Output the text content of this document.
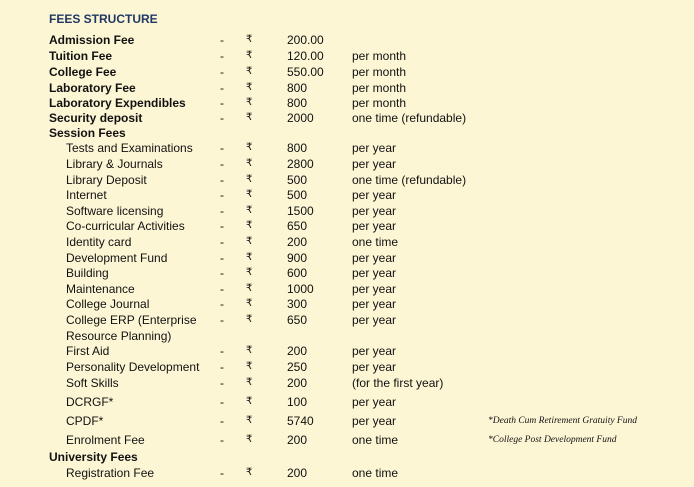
FEES STRUCTURE
Admission Fee	- ₹	200.00
Tuition Fee	- ₹	120.00 per month
College Fee	- ₹	550.00 per month
Laboratory Fee	- ₹	800	per month
Laboratory Expendibles	- ₹	800	per month
Security deposit	- ₹	2000	one time (refundable)
Session Fees
Tests and Examinations - ₹	800	per year
Library & Journals	- ₹	2800	per year
Library Deposit	- ₹	500	one time (refundable)
Internet	- ₹	500	per year
Software licensing	- ₹	1500	per year
Co-curricular Activities	- ₹	650	per year
Identity card	- ₹	200	one time
Development Fund	- ₹	900	per year
Building	- ₹	600	per year
Maintenance	- ₹	1000	per year
College Journal	- ₹	300	per year
College ERP (Enterprise - ₹	650	per year
Resource Planning)
First Aid	- ₹	200	per year
Personality Development - ₹	250	per year
Soft Skills	- ₹	200	(for the first year)
DCRGF*	- ₹	100	per year
CPDF*	- ₹	5740	per year	*Death Cum Retirement Gratuity Fund
Enrolment Fee	- ₹	200	one time	*College Post Development Fund
University Fees
Registration Fee	- ₹	200	one time
